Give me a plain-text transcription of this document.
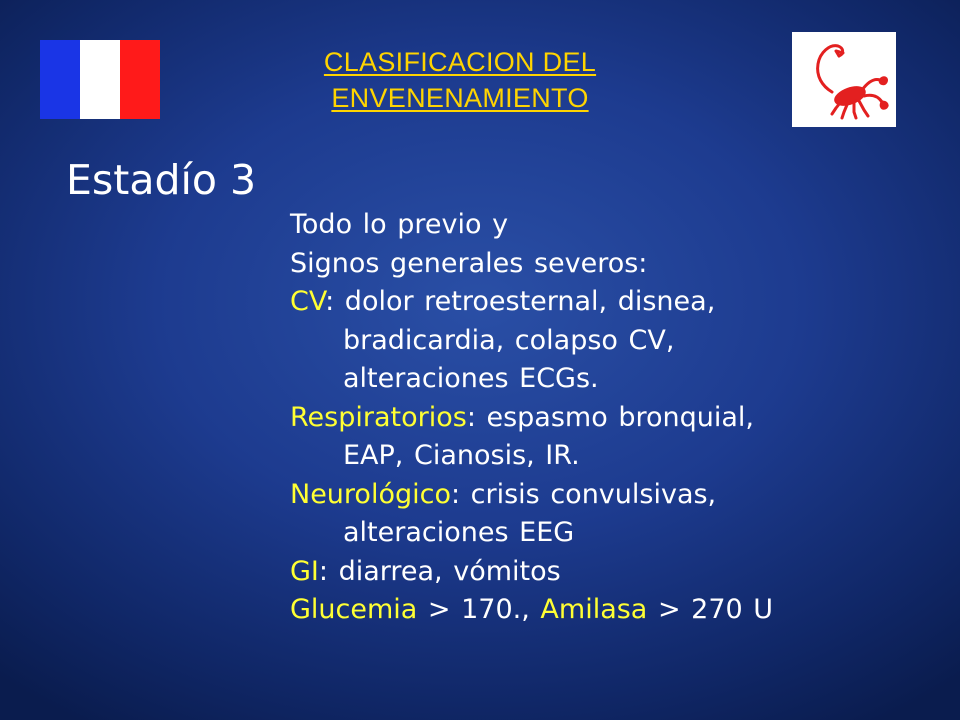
CLASIFICACION DEL
ENVENENAMIENTO
Estadío 3
Todo lo previo y
Signos generales severos:
CV: dolor retroesternal, disnea,
bradicardia, colapso CV,
alteraciones ECGs.
Respiratorios: espasmo bronquial,
EAP, Cianosis, IR.
Neurológico: crisis convulsivas,
alteraciones EEG
GI: diarrea, vómitos
Glucemia > 170., Amilasa > 270 U
